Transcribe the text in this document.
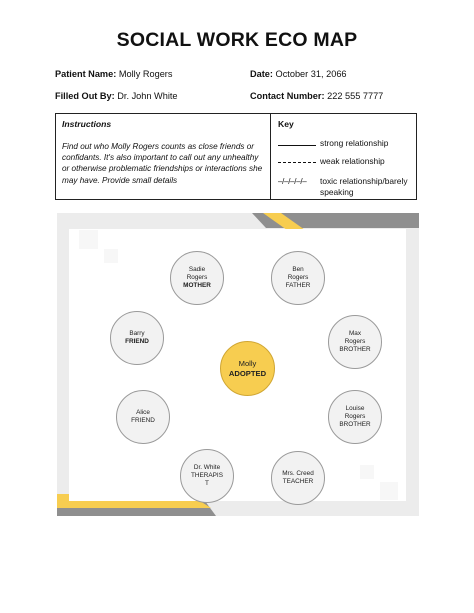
SOCIAL WORK ECO MAP
Patient Name: Molly Rogers	Date: October 31, 2066
Filled Out By: Dr. John White	Contact Number: 222 555 7777
Instructions
Find out who Molly Rogers counts as close friends or confidants. It's also important to call out any unhealthy or otherwise problematic friendships or interactions she may have. Provide small details
Key
strong relationship
weak relationship
–/–/–/–/– toxic relationship/barely
speaking
Sadie
Rogers
MOTHER
Ben
Rogers
FATHER
Barry
FRIEND
Max
Rogers
BROTHER
Molly
ADOPTED
Alice
FRIEND
Louise
Rogers
BROTHER
Dr. White
THERAPIS
T
Mrs. Creed
TEACHER
